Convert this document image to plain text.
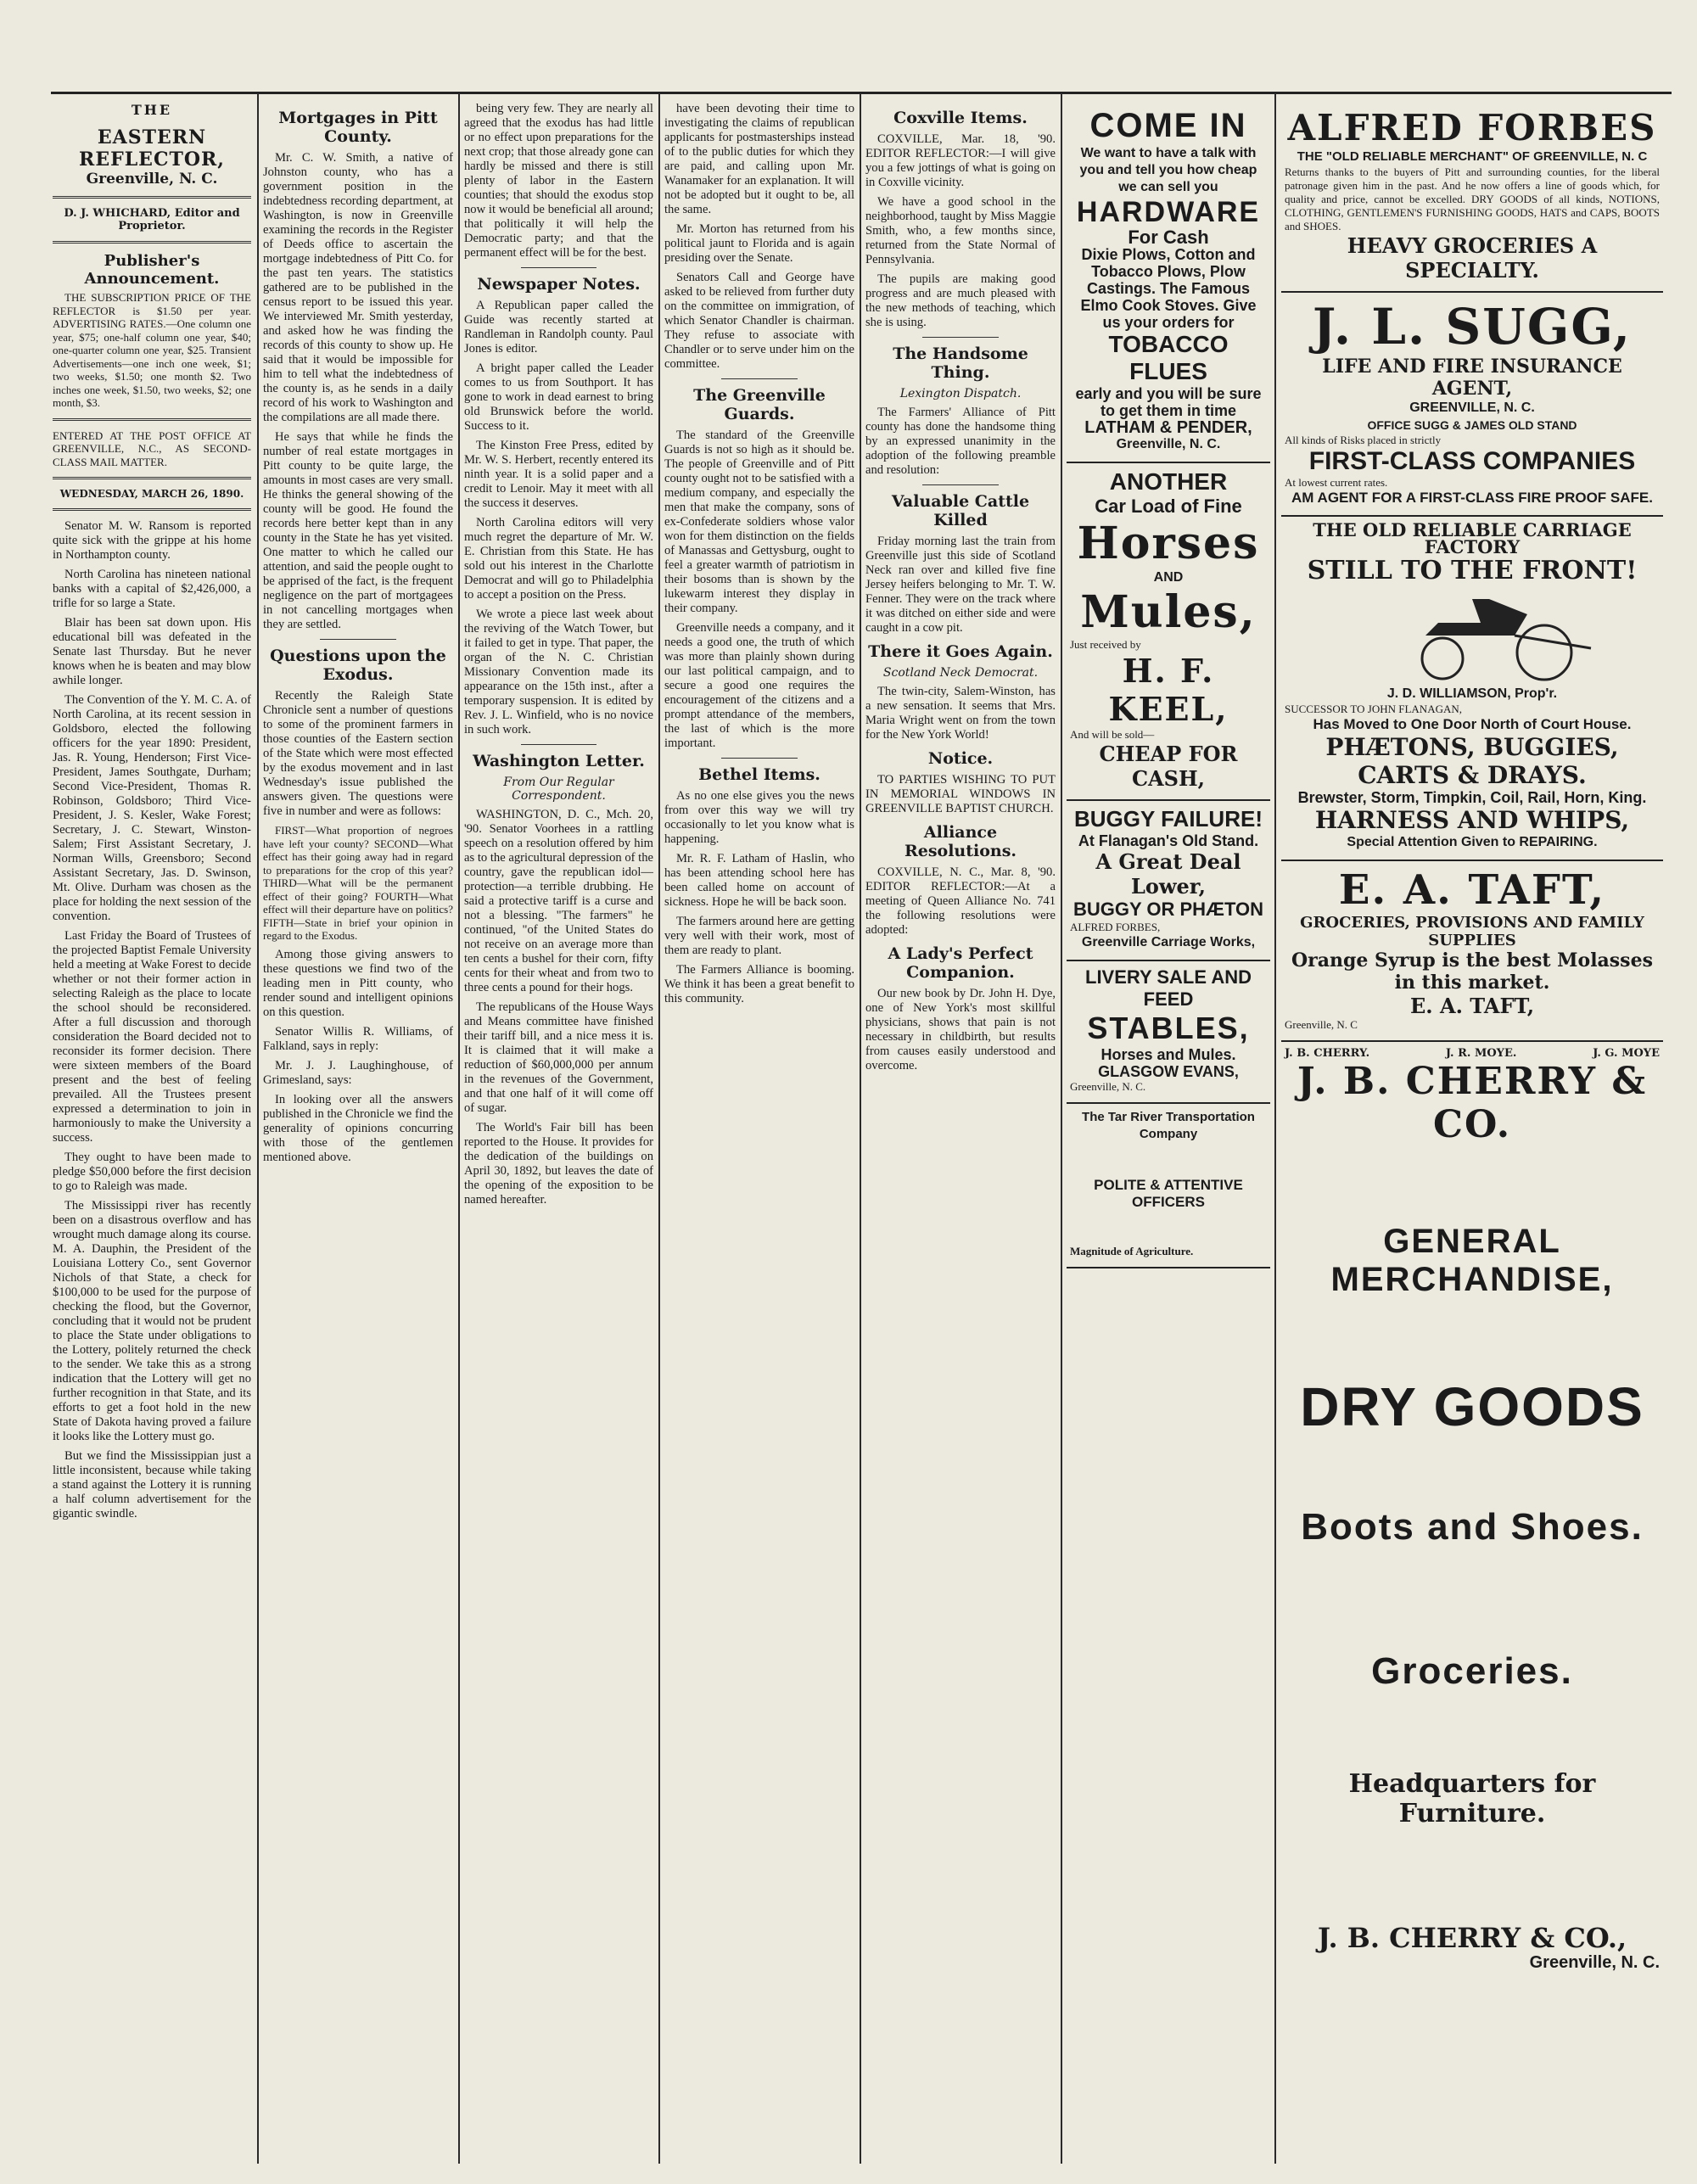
THE
EASTERN REFLECTOR,
Greenville, N. C.
D. J. WHICHARD, Editor and Proprietor.
Publisher's Announcement.

THE SUBSCRIPTION PRICE OF THE REFLECTOR is $1.50 per year. ADVERTISING RATES.—One column one year, $75; one-half column one year, $40; one-quarter column one year, $25. Transient Advertisements—one inch one week, $1; two weeks, $1.50; one month $2. Two inches one week, $1.50, two weeks, $2; one month, $3.

ENTERED AT THE POST OFFICE AT GREENVILLE, N.C., AS SECOND-CLASS MAIL MATTER.

WEDNESDAY, MARCH 26, 1890.

Senator M. W. Ransom is reported quite sick with the grippe at his home in Northampton county.

North Carolina has nineteen national banks with a capital of $2,426,000, a trifle for so large a State.

Blair has been sat down upon. His educational bill was defeated in the Senate last Thursday. But he never knows when he is beaten and may blow awhile longer.

The Convention of the Y. M. C. A. of North Carolina, at its recent session in Goldsboro, elected the following officers for the year 1890: President, Jas. R. Young, Henderson; First Vice-President, James Southgate, Durham; Second Vice-President, Thomas R. Robinson, Goldsboro; Third Vice-President, J. S. Kesler, Wake Forest; Secretary, J. C. Stewart, Winston-Salem; First Assistant Secretary, J. Norman Wills, Greensboro; Second Assistant Secretary, Jas. D. Swinson, Mt. Olive. Durham was chosen as the place for holding the next session of the convention.

Last Friday the Board of Trustees of the projected Baptist Female University held a meeting at Wake Forest to decide whether or not their former action in selecting Raleigh as the place to locate the school should be reconsidered. After a full discussion and thorough consideration the Board decided not to reconsider its former decision. There were sixteen members of the Board present and the best of feeling prevailed. All the Trustees present expressed a determination to join in harmoniously to make the University a success.

They ought to have been made to pledge $50,000 before the first decision to go to Raleigh was made.

The Mississippi river has recently been on a disastrous overflow and has wrought much damage along its course. M. A. Dauphin, the President of the Louisiana Lottery Co., sent Governor Nichols of that State, a check for $100,000 to be used for the purpose of checking the flood, but the Governor, concluding that it would not be prudent to place the State under obligations to the Lottery, politely returned the check to the sender. We take this as a strong indication that the Lottery will get no further recognition in that State, and its efforts to get a foot hold in the new State of Dakota having proved a failure it looks like the Lottery must go.

But we find the Mississippian just a little inconsistent, because while taking a stand against the Lottery it is running a half column advertisement for the gigantic swindle.

Mortgages in Pitt County.

Mr. C. W. Smith, a native of Johnston county, who has a government position in the indebtedness recording department, at Washington, is now in Greenville examining the records in the Register of Deeds office to ascertain the mortgage indebtedness of Pitt Co. for the past ten years. The statistics gathered are to be published in the census report to be issued this year. We interviewed Mr. Smith yesterday, and asked how he was finding the records of this county to show up. He said that it would be impossible for him to tell what the indebtedness of the county is, as he sends in a daily record of his work to Washington and the compilations are all made there.

He says that while he finds the number of real estate mortgages in Pitt county to be quite large, the amounts in most cases are very small. He thinks the general showing of the county will be good. He found the records here better kept than in any county in the State he has yet visited. One matter to which he called our attention, and said the people ought to be apprised of the fact, is the frequent negligence on the part of mortgagees in not cancelling mortgages when they are settled.

Questions upon the Exodus.

Recently the Raleigh State Chronicle sent a number of questions to some of the prominent farmers in those counties of the Eastern section of the State which were most effected by the exodus movement and in last Wednesday's issue published the answers given. The questions were five in number and were as follows:

FIRST—What proportion of negroes have left your county? SECOND—What effect has their going away had in regard to preparations for the crop of this year? THIRD—What will be the permanent effect of their going? FOURTH—What effect will their departure have on politics? FIFTH—State in brief your opinion in regard to the Exodus.

Among those giving answers to these questions we find two of the leading men in Pitt county, who render sound and intelligent opinions on this question.

Senator Willis R. Williams, of Falkland, says in reply:

Mr. J. J. Laughinghouse, of Grimesland, says:

In looking over all the answers published in the Chronicle we find the generality of opinions concurring with those of the gentlemen mentioned above.

being very few. They are nearly all agreed that the exodus has had little or no effect upon preparations for the next crop; that those already gone can hardly be missed and there is still plenty of labor in the Eastern counties; that should the exodus stop now it would be beneficial all around; that politically it will help the Democratic party; and that the permanent effect will be for the best.

Newspaper Notes.

A Republican paper called the Guide was recently started at Randleman in Randolph county. Paul Jones is editor.

A bright paper called the Leader comes to us from Southport. It has gone to work in dead earnest to bring old Brunswick before the world. Success to it.

The Kinston Free Press, edited by Mr. W. S. Herbert, recently entered its ninth year. It is a solid paper and a credit to Lenoir. May it meet with all the success it deserves.

North Carolina editors will very much regret the departure of Mr. W. E. Christian from this State. He has sold out his interest in the Charlotte Democrat and will go to Philadelphia to accept a position on the Press.

We wrote a piece last week about the reviving of the Watch Tower, but it failed to get in type. That paper, the organ of the N. C. Christian Missionary Convention made its appearance on the 15th inst., after a temporary suspension. It is edited by Rev. J. L. Winfield, who is no novice in such work.

Washington Letter.
From Our Regular Correspondent.

WASHINGTON, D. C., Mch. 20, '90. Senator Voorhees in a rattling speech on a resolution offered by him as to the agricultural depression of the country, gave the republican idol—protection—a terrible drubbing. He said a protective tariff is a curse and not a blessing. "The farmers" he continued, "of the United States do not receive on an average more than ten cents a bushel for their corn, fifty cents for their wheat and from two to three cents a pound for their hogs.

The republicans of the House Ways and Means committee have finished their tariff bill, and a nice mess it is. It is claimed that it will make a reduction of $60,000,000 per annum in the revenues of the Government, and that one half of it will come off of sugar.

The World's Fair bill has been reported to the House. It provides for the dedication of the buildings on April 30, 1892, but leaves the date of the opening of the exposition to be named hereafter.

have been devoting their time to investigating the claims of republican applicants for postmasterships instead of to the public duties for which they are paid, and calling upon Mr. Wanamaker for an explanation. It will not be adopted but it ought to be, all the same.

Mr. Morton has returned from his political jaunt to Florida and is again presiding over the Senate.

Senators Call and George have asked to be relieved from further duty on the committee on immigration, of which Senator Chandler is chairman. They refuse to associate with Chandler or to serve under him on the committee.

The Greenville Guards.

The standard of the Greenville Guards is not so high as it should be. The people of Greenville and of Pitt county ought not to be satisfied with a medium company, and especially the men that make the company, sons of ex-Confederate soldiers whose valor won for them distinction on the fields of Manassas and Gettysburg, ought to feel a greater warmth of patriotism in their bosoms than is shown by the lukewarm interest they display in their company.

Greenville needs a company, and it needs a good one, the truth of which was more than plainly shown during our last political campaign, and to secure a good one requires the encouragement of the citizens and a prompt attendance of the members, the last of which is the more important.

Bethel Items.

As no one else gives you the news from over this way we will try occasionally to let you know what is happening.

Mr. R. F. Latham of Haslin, who has been attending school here has been called home on account of sickness. Hope he will be back soon.

The farmers around here are getting very well with their work, most of them are ready to plant.

The Farmers Alliance is booming. We think it has been a great benefit to this community.

Coxville Items.

COXVILLE, Mar. 18, '90. EDITOR REFLECTOR:—I will give you a few jottings of what is going on in Coxville vicinity.

We have a good school in the neighborhood, taught by Miss Maggie Smith, who, a few months since, returned from the State Normal of Pennsylvania.

The pupils are making good progress and are much pleased with the new methods of teaching, which she is using.

The Handsome Thing.
Lexington Dispatch.

The Farmers' Alliance of Pitt county has done the handsome thing by an expressed unanimity in the adoption of the following preamble and resolution:

Valuable Cattle Killed

Friday morning last the train from Greenville just this side of Scotland Neck ran over and killed five fine Jersey heifers belonging to Mr. T. W. Fenner. They were on the track where it was ditched on either side and were caught in a cow pit.

There it Goes Again.
Scotland Neck Democrat.

The twin-city, Salem-Winston, has a new sensation. It seems that Mrs. Maria Wright went on from the town for the New York World!

Notice.

TO PARTIES WISHING TO PUT IN MEMORIAL WINDOWS IN GREENVILLE BAPTIST CHURCH.

Alliance Resolutions.

COXVILLE, N. C., Mar. 8, '90. EDITOR REFLECTOR:—At a meeting of Queen Alliance No. 741 the following resolutions were adopted:

A Lady's Perfect Companion.

Our new book by Dr. John H. Dye, one of New York's most skillful physicians, shows that pain is not necessary in childbirth, but results from causes easily understood and overcome.

COME IN
We want to have a talk with you and tell you how cheap we can sell you
HARDWARE
For Cash
Dixie Plows, Cotton and Tobacco Plows, Plow Castings. The Famous Elmo Cook Stoves. Give us your orders for
TOBACCO FLUES
early and you will be sure to get them in time
LATHAM & PENDER,
Greenville, N. C.
ANOTHER
Car Load of Fine
Horses
AND
Mules,
Just received by
H. F. KEEL,
And will be sold—
CHEAP FOR CASH,
BUGGY FAILURE!
At Flanagan's Old Stand.
A Great Deal Lower,
BUGGY OR PHÆTON
ALFRED FORBES,
Greenville Carriage Works,
LIVERY SALE AND FEED
STABLES,
Horses and Mules.
GLASGOW EVANS,
Greenville, N. C.
The Tar River Transportation Company
POLITE & ATTENTIVE OFFICERS
Magnitude of Agriculture.
ALFRED FORBES
THE "OLD RELIABLE MERCHANT" OF GREENVILLE, N. C
Returns thanks to the buyers of Pitt and surrounding counties, for the liberal patronage given him in the past. And he now offers a line of goods which, for quality and price, cannot be excelled. DRY GOODS of all kinds, NOTIONS, CLOTHING, GENTLEMEN'S FURNISHING GOODS, HATS and CAPS, BOOTS and SHOES.
HEAVY GROCERIES A SPECIALTY.
J. L. SUGG,
LIFE AND FIRE INSURANCE AGENT,
GREENVILLE, N. C.
OFFICE SUGG & JAMES OLD STAND
All kinds of Risks placed in strictly
FIRST-CLASS COMPANIES
At lowest current rates.
AM AGENT FOR A FIRST-CLASS FIRE PROOF SAFE.
THE OLD RELIABLE CARRIAGE FACTORY
STILL TO THE FRONT!
J. D. WILLIAMSON, Prop'r.
SUCCESSOR TO JOHN FLANAGAN,
Has Moved to One Door North of Court House.
PHÆTONS, BUGGIES, CARTS & DRAYS.
Brewster, Storm, Timpkin, Coil, Rail, Horn, King.
HARNESS AND WHIPS,
Special Attention Given to REPAIRING.
E. A. TAFT,
GROCERIES, PROVISIONS AND FAMILY SUPPLIES
Orange Syrup is the best Molasses in this market.
E. A. TAFT,
Greenville, N. C
J. B. CHERRY.	J. R. MOYE.	J. G. MOYE
J. B. CHERRY & CO.
GENERAL MERCHANDISE,
DRY GOODS
Boots and Shoes.
Groceries.
Headquarters for Furniture.
J. B. CHERRY & CO.,
Greenville, N. C.
